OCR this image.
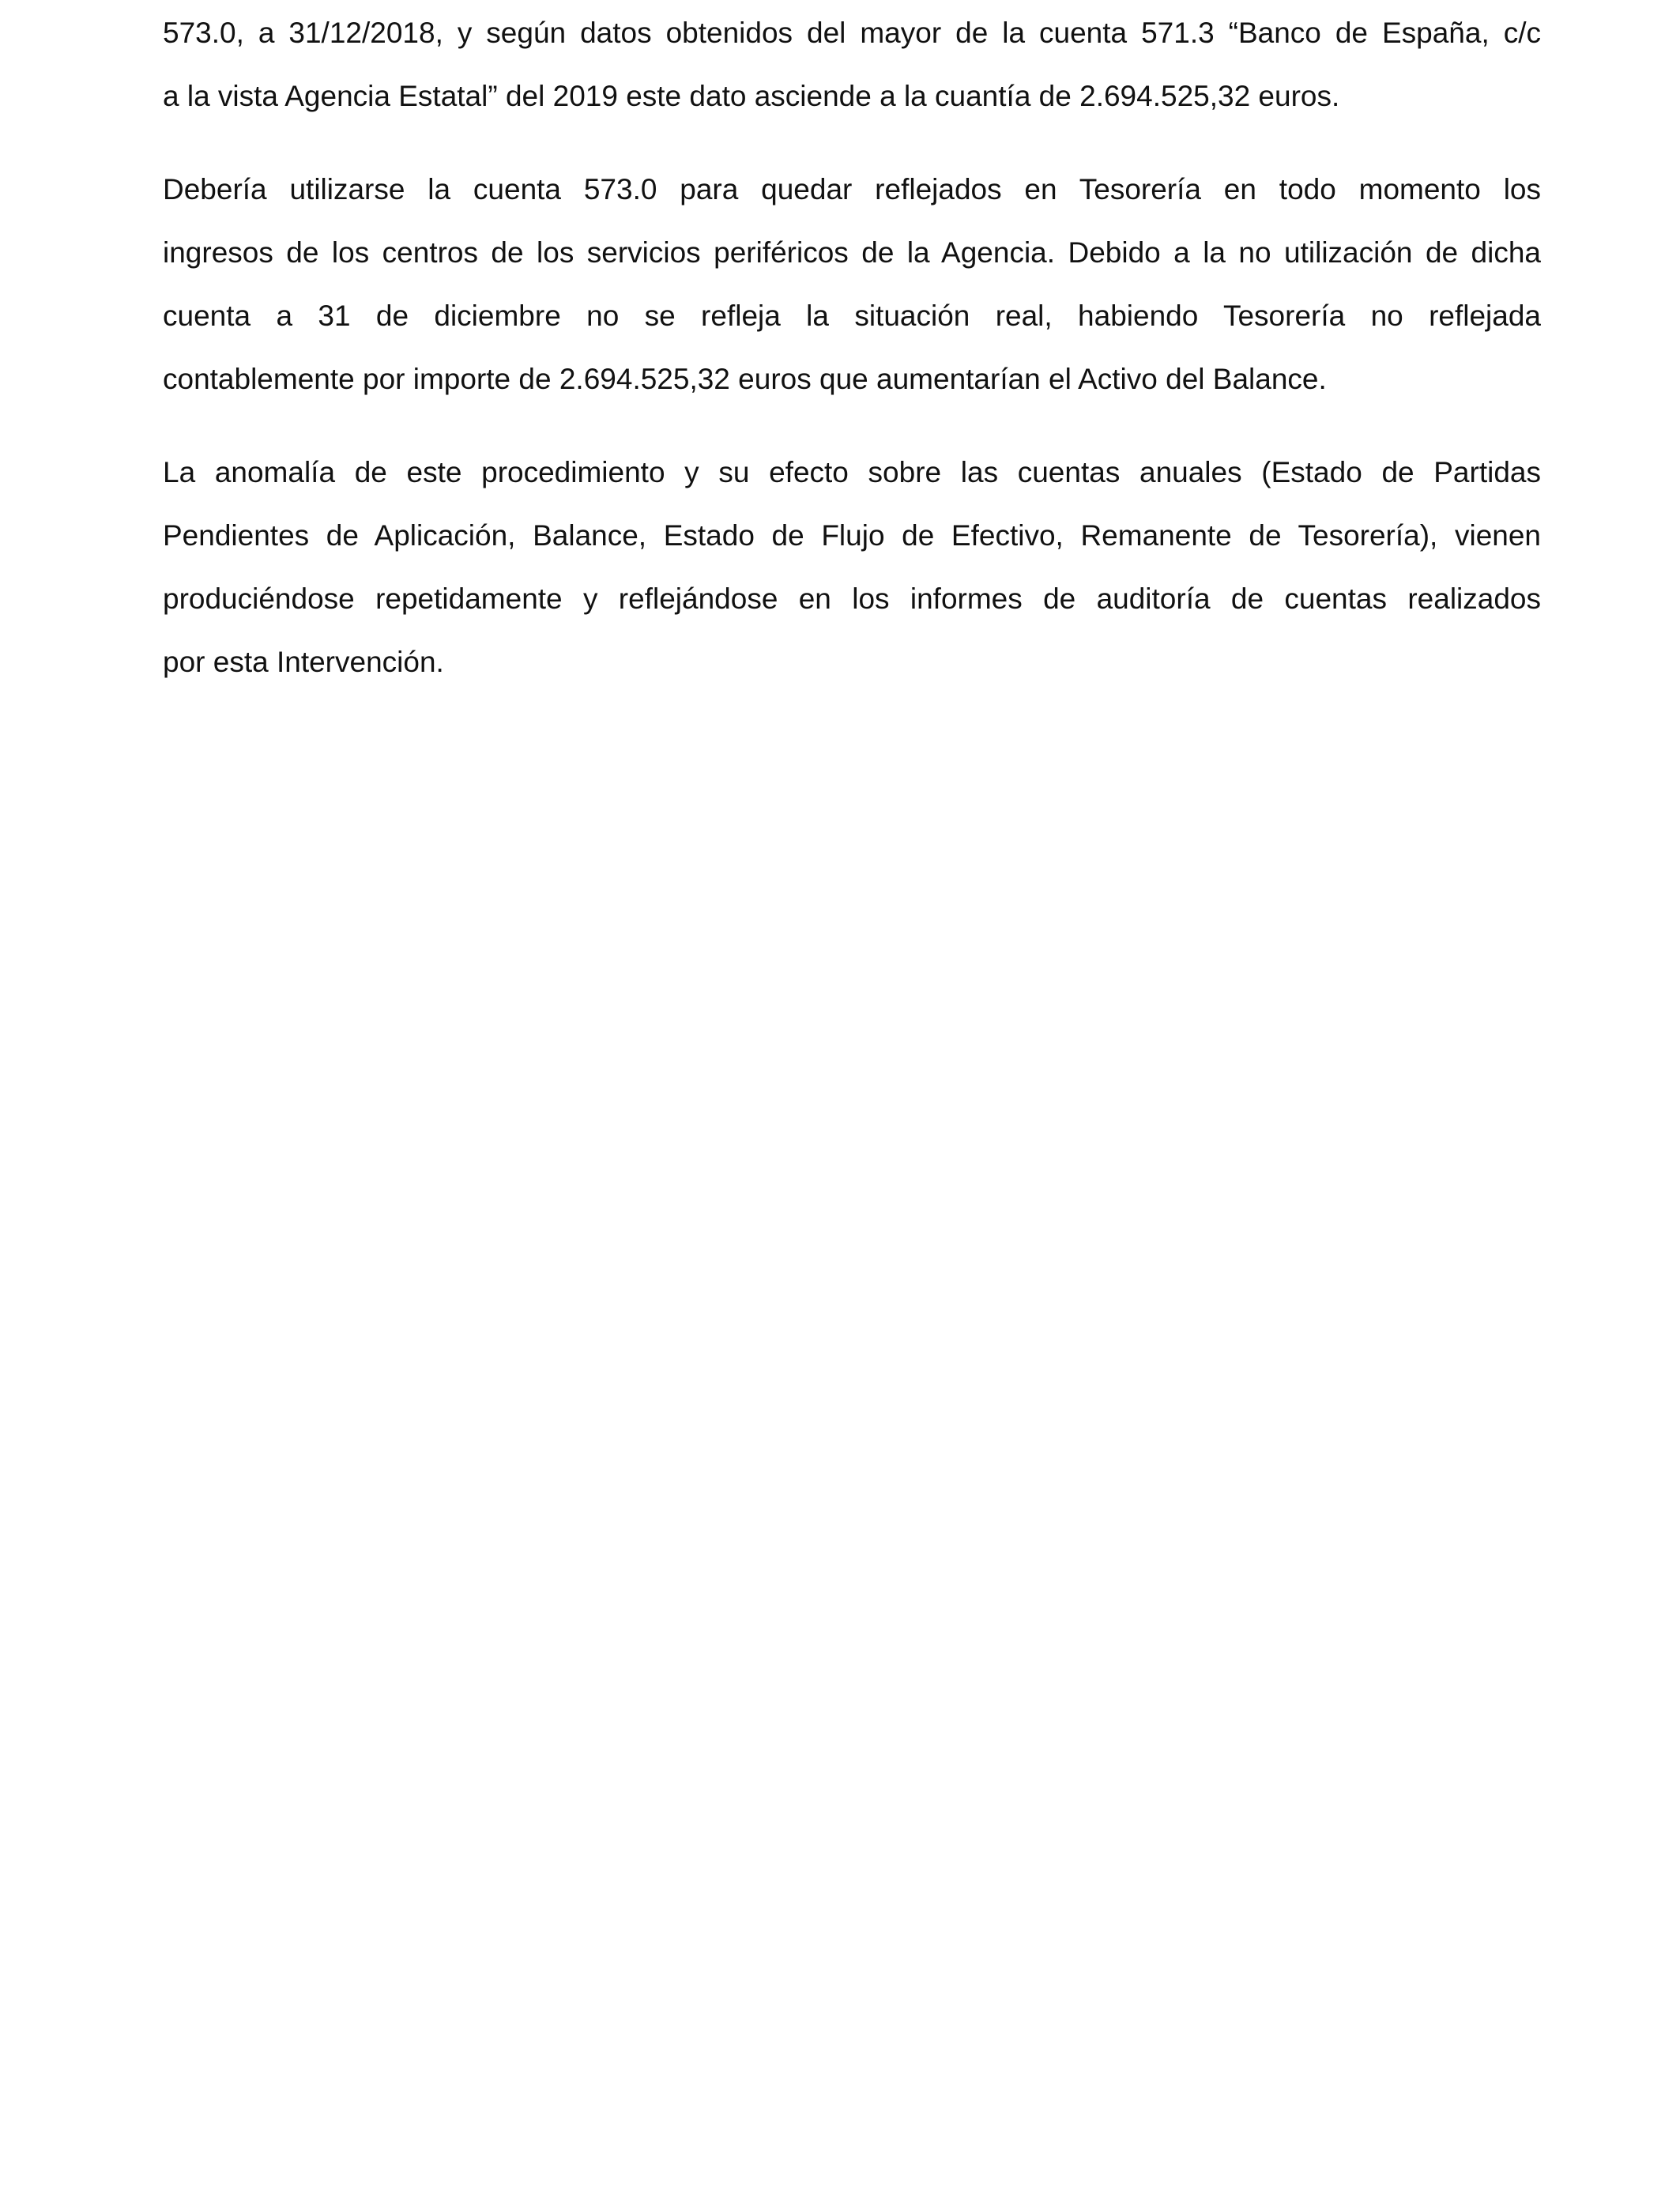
573.0, a 31/12/2018, y según datos obtenidos del mayor de la cuenta 571.3 “Banco de España, c/c
a la vista Agencia Estatal” del 2019 este dato asciende a la cuantía de 2.694.525,32 euros.
Debería utilizarse la cuenta 573.0 para quedar reflejados en Tesorería en todo momento los
ingresos de los centros de los servicios periféricos de la Agencia. Debido a la no utilización de dicha
cuenta a 31 de diciembre no se refleja la situación real, habiendo Tesorería no reflejada
contablemente por importe de 2.694.525,32 euros que aumentarían el Activo del Balance.
La anomalía de este procedimiento y su efecto sobre las cuentas anuales (Estado de Partidas
Pendientes de Aplicación, Balance, Estado de Flujo de Efectivo, Remanente de Tesorería), vienen
produciéndose repetidamente y reflejándose en los informes de auditoría de cuentas realizados
por esta Intervención.
